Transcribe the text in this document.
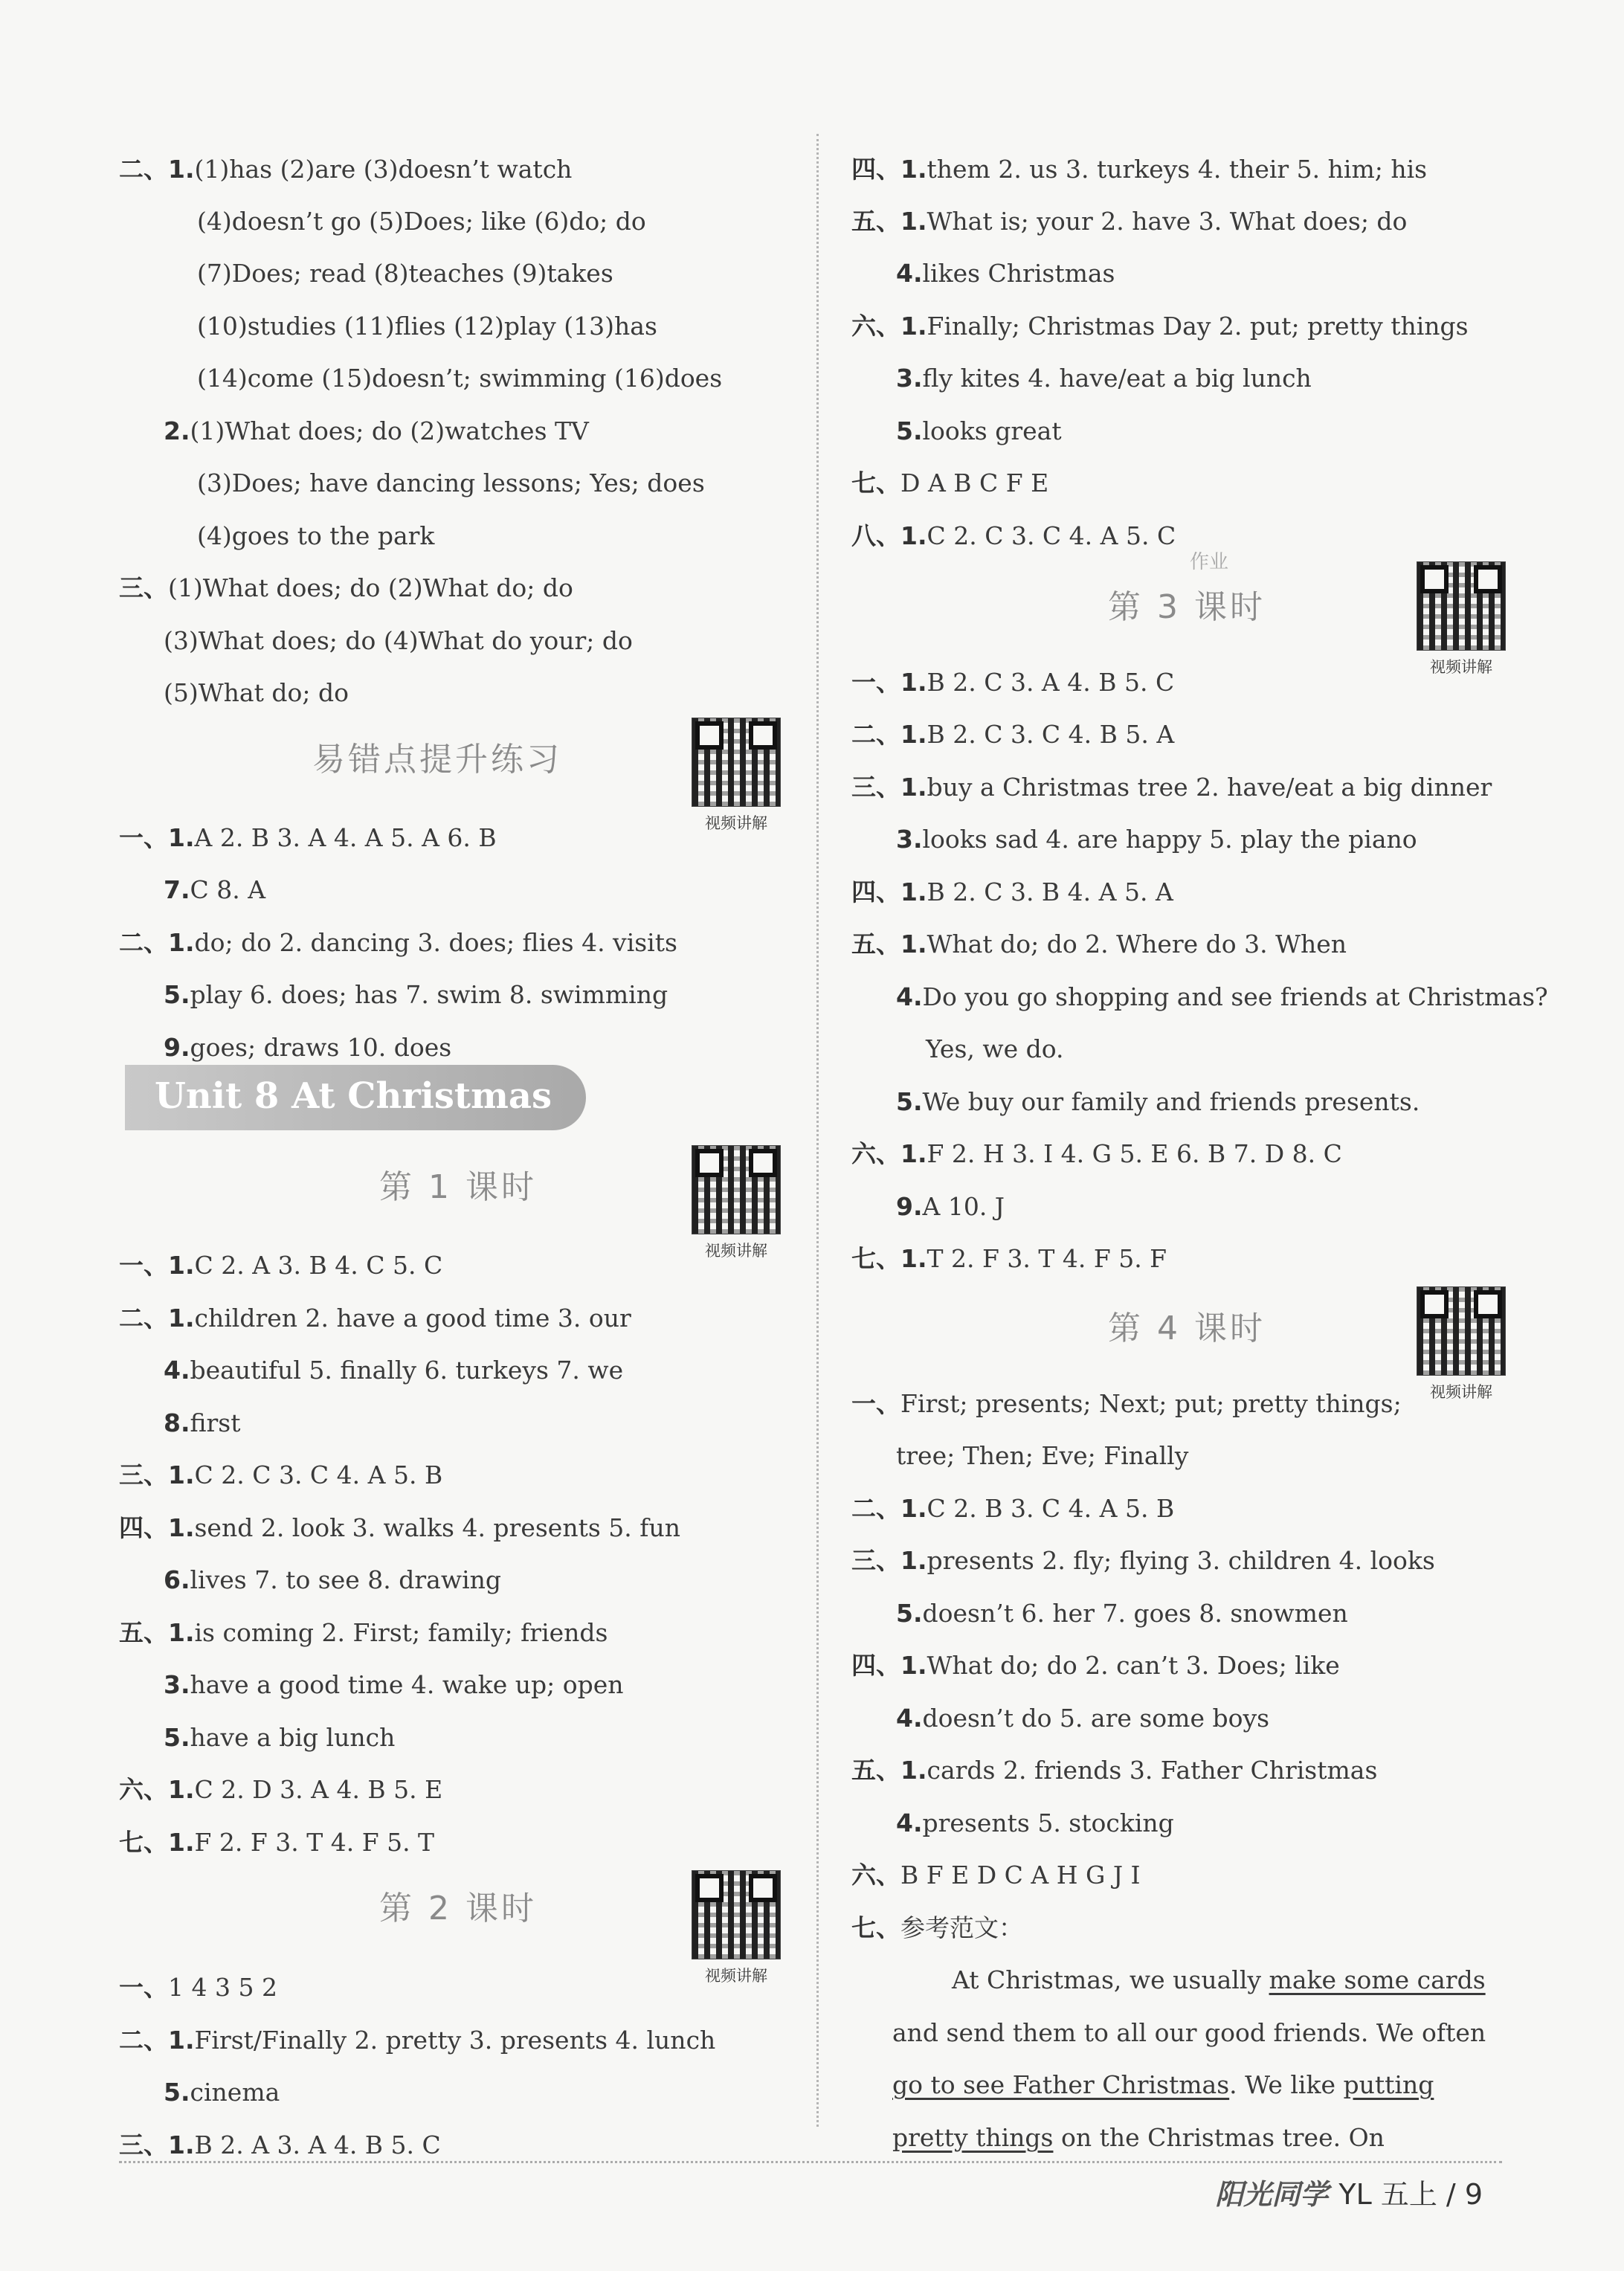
二、1.(1)has (2)are (3)doesn’t watch
(4)doesn’t go (5)Does; like (6)do; do
(7)Does; read (8)teaches (9)takes
(10)studies (11)flies (12)play (13)has
(14)come (15)doesn’t; swimming (16)does
2.(1)What does; do (2)watches TV
(3)Does; have dancing lessons; Yes; does
(4)goes to the park
三、(1)What does; do (2)What do; do
(3)What does; do (4)What do your; do
(5)What do; do
一、1.A 2. B 3. A 4. A 5. A 6. B
7.C 8. A
二、1.do; do 2. dancing 3. does; flies 4. visits
5.play 6. does; has 7. swim 8. swimming
9.goes; draws 10. does
一、1.C 2. A 3. B 4. C 5. C
二、1.children 2. have a good time 3. our
4.beautiful 5. finally 6. turkeys 7. we
8.first
三、1.C 2. C 3. C 4. A 5. B
四、1.send 2. look 3. walks 4. presents 5. fun
6.lives 7. to see 8. drawing
五、1.is coming 2. First; family; friends
3.have a good time 4. wake up; open
5.have a big lunch
六、1.C 2. D 3. A 4. B 5. E
七、1.F 2. F 3. T 4. F 5. T
一、1 4 3 5 2
二、1.First/Finally 2. pretty 3. presents 4. lunch
5.cinema
三、1.B 2. A 3. A 4. B 5. C
四、1.them 2. us 3. turkeys 4. their 5. him; his
五、1.What is; your 2. have 3. What does; do
4.likes Christmas
六、1.Finally; Christmas Day 2. put; pretty things
3.fly kites 4. have/eat a big lunch
5.looks great
七、D A B C F E
八、1.C 2. C 3. C 4. A 5. C
一、1.B 2. C 3. A 4. B 5. C
二、1.B 2. C 3. C 4. B 5. A
三、1.buy a Christmas tree 2. have/eat a big dinner
3.looks sad 4. are happy 5. play the piano
四、1.B 2. C 3. B 4. A 5. A
五、1.What do; do 2. Where do 3. When
4.Do you go shopping and see friends at Christmas?
Yes, we do.
5.We buy our family and friends presents.
六、1.F 2. H 3. I 4. G 5. E 6. B 7. D 8. C
9.A 10. J
七、1.T 2. F 3. T 4. F 5. F
一、First; presents; Next; put; pretty things;
tree; Then; Eve; Finally
二、1.C 2. B 3. C 4. A 5. B
三、1.presents 2. fly; flying 3. children 4. looks
5.doesn’t 6. her 7. goes 8. snowmen
四、1.What do; do 2. can’t 3. Does; like
4.doesn’t do 5. are some boys
五、1.cards 2. friends 3. Father Christmas
4.presents 5. stocking
六、B F E D C A H G J I
七、参考范文：
易错点提升练习
Unit 8 At Christmas
第 1 课时
第 2 课时
第 3 课时
第 4 课时
作业
视频讲解
视频讲解
视频讲解
视频讲解
视频讲解
At Christmas, we usually make some cards
and send them to all our good friends. We often
go to see Father Christmas. We like putting
pretty things on the Christmas tree. On
阳光同学 YL 五上 / 9
